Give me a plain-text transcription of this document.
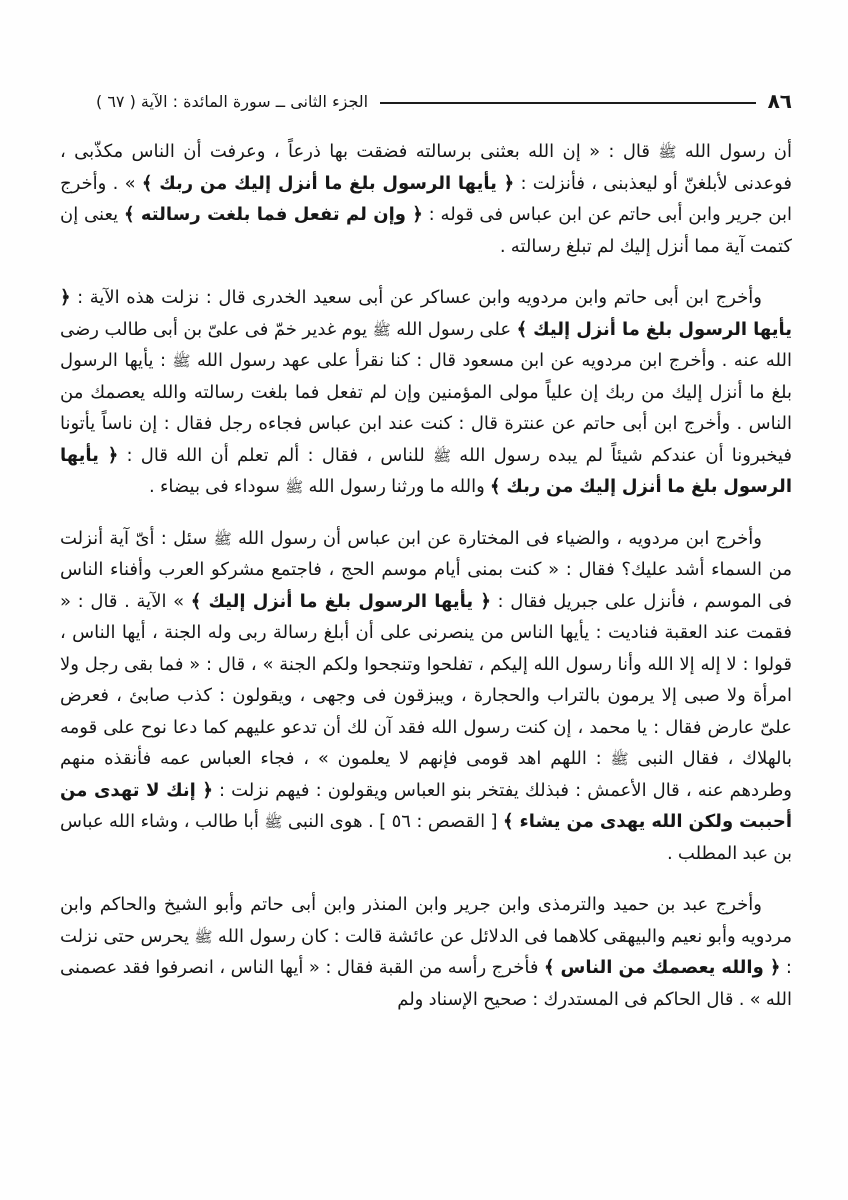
٨٦
الجزء الثانى ــ سورة المائدة : الآية ( ٦٧ )

أن رسول الله ﷺ قال : « إن الله بعثنى برسالته فضقت بها ذرعاً ، وعرفت أن الناس مكذّبى ، فوعدنى لأبلغنّ أو ليعذبنى ، فأنزلت : ﴿ يأيها الرسول بلغ ما أنزل إليك من ربك ﴾ » . وأخرج ابن جرير وابن أبى حاتم عن ابن عباس فى قوله : ﴿ وإن لم تفعل فما بلغت رسالته ﴾ يعنى إن كتمت آية مما أنزل إليك لم تبلغ رسالته .

وأخرج ابن أبى حاتم وابن مردويه وابن عساكر عن أبى سعيد الخدرى قال : نزلت هذه الآية : ﴿ يأيها الرسول بلغ ما أنزل إليك ﴾ على رسول الله ﷺ يوم غدير خمّ فى علىّ بن أبى طالب رضى الله عنه . وأخرج ابن مردويه عن ابن مسعود قال : كنا نقرأ على عهد رسول الله ﷺ : يأيها الرسول بلغ ما أنزل إليك من ربك إن علياً مولى المؤمنين وإن لم تفعل فما بلغت رسالته والله يعصمك من الناس . وأخرج ابن أبى حاتم عن عنترة قال : كنت عند ابن عباس فجاءه رجل فقال : إن ناساً يأتونا فيخبرونا أن عندكم شيئاً لم يبده رسول الله ﷺ للناس ، فقال : ألم تعلم أن الله قال : ﴿ يأيها الرسول بلغ ما أنزل إليك من ربك ﴾ والله ما ورثنا رسول الله ﷺ سوداء فى بيضاء .

وأخرج ابن مردويه ، والضياء فى المختارة عن ابن عباس أن رسول الله ﷺ سئل : أىّ آية أنزلت من السماء أشد عليك؟ فقال : « كنت بمنى أيام موسم الحج ، فاجتمع مشركو العرب وأفناء الناس فى الموسم ، فأنزل على جبريل فقال : ﴿ يأيها الرسول بلغ ما أنزل إليك ﴾ » الآية . قال : « فقمت عند العقبة فناديت : يأيها الناس من ينصرنى على أن أبلغ رسالة ربى وله الجنة ، أيها الناس ، قولوا : لا إله إلا الله وأنا رسول الله إليكم ، تفلحوا وتنجحوا ولكم الجنة » ، قال : « فما بقى رجل ولا امرأة ولا صبى إلا يرمون بالتراب والحجارة ، ويبزقون فى وجهى ، ويقولون : كذب صابئ ، فعرض علىّ عارض فقال : يا محمد ، إن كنت رسول الله فقد آن لك أن تدعو عليهم كما دعا نوح على قومه بالهلاك ، فقال النبى ﷺ : اللهم اهد قومى فإنهم لا يعلمون » ، فجاء العباس عمه فأنقذه منهم وطردهم عنه ، قال الأعمش : فبذلك يفتخر بنو العباس ويقولون : فيهم نزلت : ﴿ إنك لا تهدى من أحببت ولكن الله يهدى من يشاء ﴾ [ القصص : ٥٦ ] . هوى النبى ﷺ أبا طالب ، وشاء الله عباس بن عبد المطلب .

وأخرج عبد بن حميد والترمذى وابن جرير وابن المنذر وابن أبى حاتم وأبو الشيخ والحاكم وابن مردويه وأبو نعيم والبيهقى كلاهما فى الدلائل عن عائشة قالت : كان رسول الله ﷺ يحرس حتى نزلت : ﴿ والله يعصمك من الناس ﴾ فأخرج رأسه من القبة فقال : « أيها الناس ، انصرفوا فقد عصمنى الله » . قال الحاكم فى المستدرك : صحيح الإسناد ولم
